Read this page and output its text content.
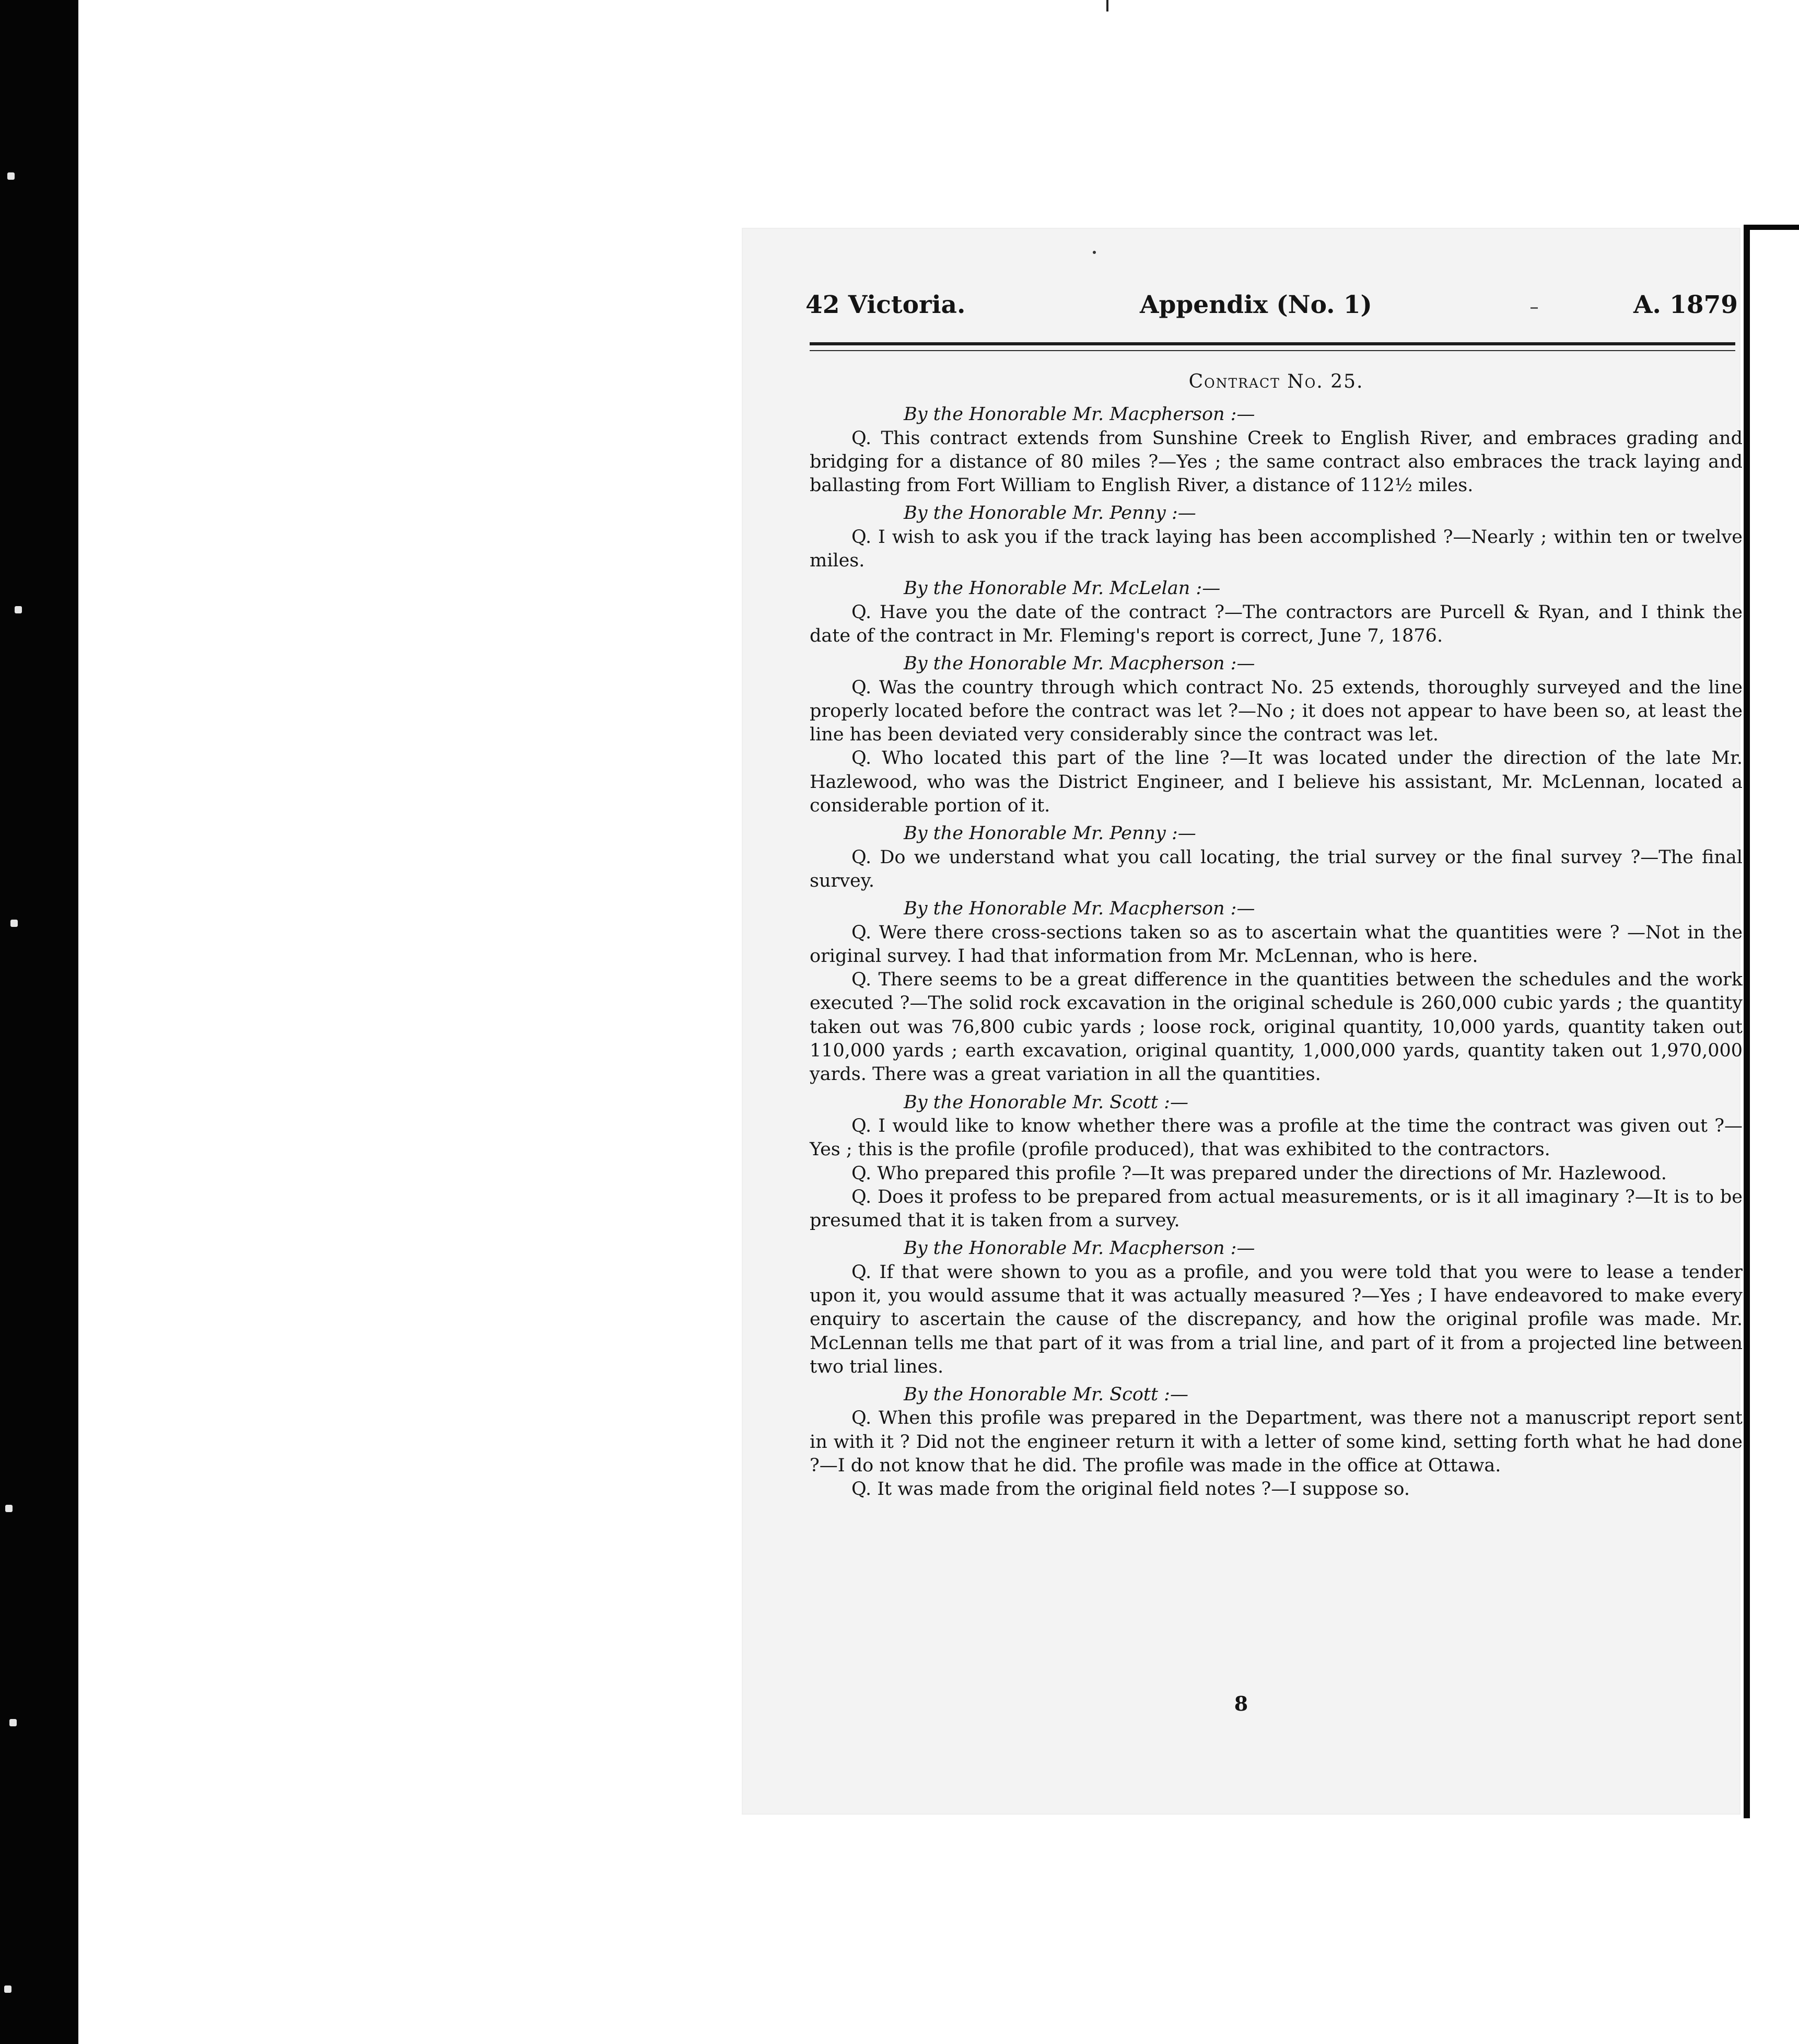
42 Victoria.	Appendix (No. 1)	A. 1879
Contract No. 25.

By the Honorable Mr. Macpherson :—

Q. This contract extends from Sunshine Creek to English River, and embraces grading and bridging for a distance of 80 miles ?—Yes ; the same contract also embraces the track laying and ballasting from Fort William to English River, a distance of 112½ miles.

By the Honorable Mr. Penny :—

Q. I wish to ask you if the track laying has been accomplished ?—Nearly ; within ten or twelve miles.

By the Honorable Mr. McLelan :—

Q. Have you the date of the contract ?—The contractors are Purcell & Ryan, and I think the date of the contract in Mr. Fleming's report is correct, June 7, 1876.

By the Honorable Mr. Macpherson :—

Q. Was the country through which contract No. 25 extends, thoroughly surveyed and the line properly located before the contract was let ?—No ; it does not appear to have been so, at least the line has been deviated very considerably since the contract was let.

Q. Who located this part of the line ?—It was located under the direction of the late Mr. Hazlewood, who was the District Engineer, and I believe his assistant, Mr. McLennan, located a considerable portion of it.

By the Honorable Mr. Penny :—

Q. Do we understand what you call locating, the trial survey or the final survey ?—The final survey.

By the Honorable Mr. Macpherson :—

Q. Were there cross-sections taken so as to ascertain what the quantities were ? —Not in the original survey. I had that information from Mr. McLennan, who is here.

Q. There seems to be a great difference in the quantities between the schedules and the work executed ?—The solid rock excavation in the original schedule is 260,000 cubic yards ; the quantity taken out was 76,800 cubic yards ; loose rock, original quantity, 10,000 yards, quantity taken out 110,000 yards ; earth excavation, original quantity, 1,000,000 yards, quantity taken out 1,970,000 yards. There was a great variation in all the quantities.

By the Honorable Mr. Scott :—

Q. I would like to know whether there was a profile at the time the contract was given out ?—Yes ; this is the profile (profile produced), that was exhibited to the contractors.

Q. Who prepared this profile ?—It was prepared under the directions of Mr. Hazlewood.

Q. Does it profess to be prepared from actual measurements, or is it all imaginary ?—It is to be presumed that it is taken from a survey.

By the Honorable Mr. Macpherson :—

Q. If that were shown to you as a profile, and you were told that you were to lease a tender upon it, you would assume that it was actually measured ?—Yes ; I have endeavored to make every enquiry to ascertain the cause of the discrepancy, and how the original profile was made. Mr. McLennan tells me that part of it was from a trial line, and part of it from a projected line between two trial lines.

By the Honorable Mr. Scott :—

Q. When this profile was prepared in the Department, was there not a manuscript report sent in with it ? Did not the engineer return it with a letter of some kind, setting forth what he had done ?—I do not know that he did. The profile was made in the office at Ottawa.

Q. It was made from the original field notes ?—I suppose so.

8
